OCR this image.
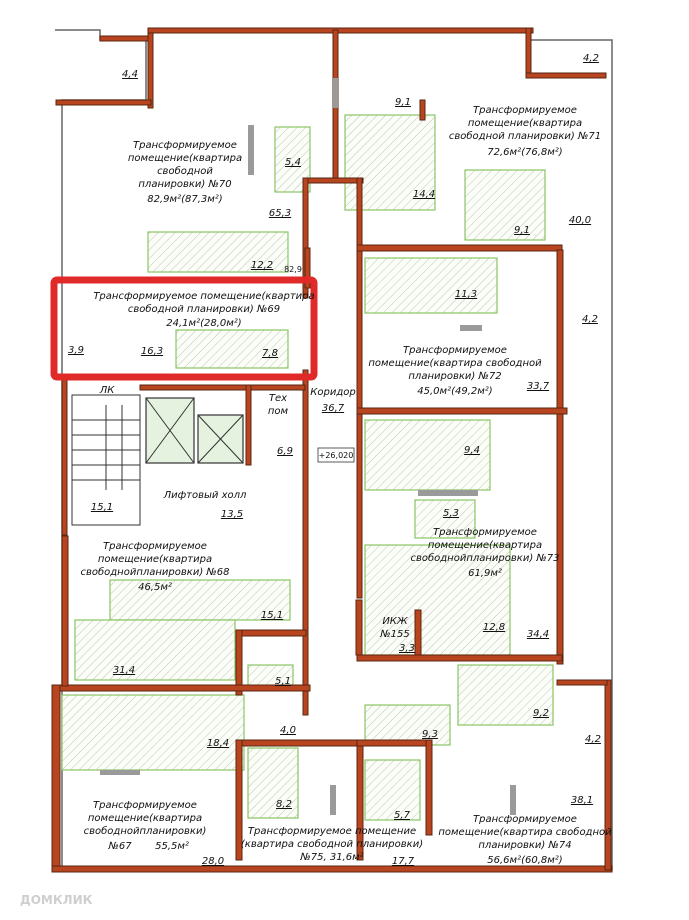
Трансформируемое
помещение(квартира
свободной
планировки) №70
82,9м²(87,3м²)
Трансформируемое
помещение(квартира
свободной планировки) №71
72,6м²(76,8м²)
Трансформируемое помещение(квартира
свободной планировки) №69
24,1м²(28,0м²)
Трансформируемое
помещение(квартира свободной
планировки) №72
45,0м²(49,2м²)
Трансформируемое
помещение(квартира
свободнойпланировки) №73
61,9м²
Трансформируемое
помещение(квартира
свободнойпланировки) №68
46,5м²
Трансформируемое
помещение(квартира
свободнойпланировки)
№67 55,5м²
Трансформируемое помещение
(квартира свободной планировки)
№75, 31,6м²
Трансформируемое
помещение(квартира свободной
планировки) №74
56,6м²(60,8м²)
Коридор
36,7
Тех
пом
6,9
Лифтовый холл
13,5
ЛК
15,1
ИКЖ
№155
3,3
+26,020
82,9
4,4
9,1
4,2
5,4
14,4
65,3
9,1
40,0
12,2
11,3
4,2
3,9	16,3	7,8
33,7
9,4
5,3
15,1
31,4
12,8
34,4
5,1
4,0
9,2
18,4
9,3	4,2
8,2
5,7
38,1
28,0	17,7
ДОМКЛИК
